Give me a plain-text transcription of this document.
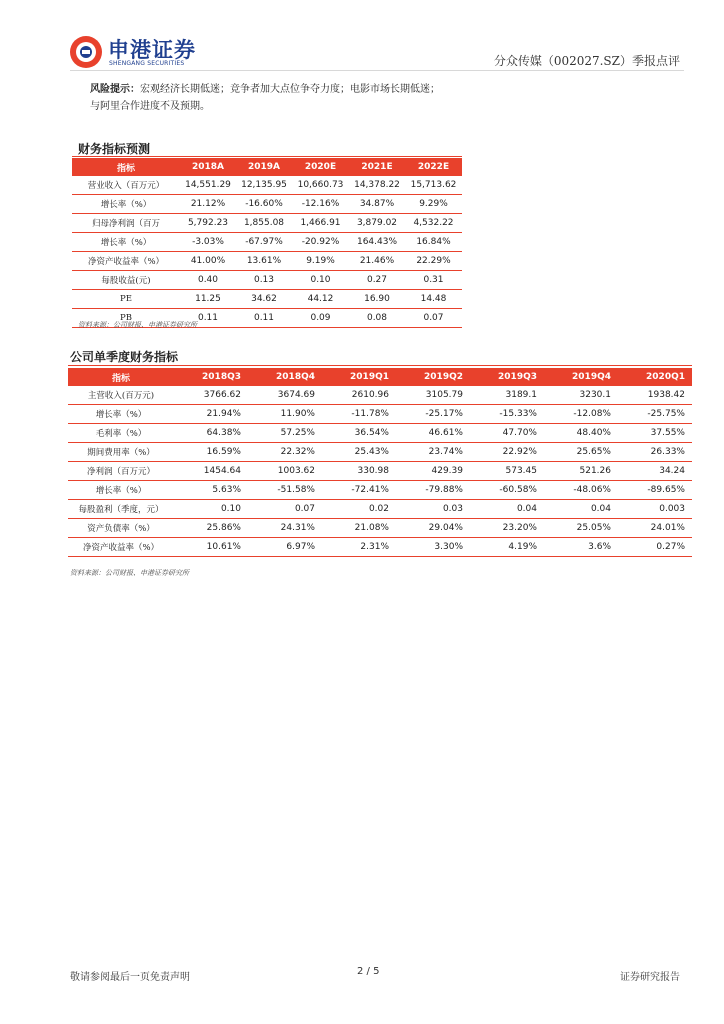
申港证券
SHENGANG SECURITIES	分众传媒（002027.SZ）季报点评
风险提示：宏观经济长期低迷；竞争者加大点位争夺力度；电影市场长期低迷；
与阿里合作进度不及预期。
财务指标预测
指标	2018A	2019A	2020E	2021E	2022E
营业收入（百万元）	14,551.29	12,135.95	10,660.73	14,378.22	15,713.62
增长率（%）	21.12%	-16.60%	-12.16%	34.87%	9.29%
归母净利润（百万	5,792.23	1,855.08	1,466.91	3,879.02	4,532.22
增长率（%）	-3.03%	-67.97%	-20.92%	164.43%	16.84%
净资产收益率（%）	41.00%	13.61%	9.19%	21.46%	22.29%
每股收益(元)	0.40	0.13	0.10	0.27	0.31
PE	11.25	34.62	44.12	16.90	14.48
PB	0.11	0.11	0.09	0.08	0.07
资料来源：公司财报、申港证券研究所
公司单季度财务指标
指标	2018Q3	2018Q4	2019Q1	2019Q2	2019Q3	2019Q4	2020Q1
主营收入(百万元)	3766.62	3674.69	2610.96	3105.79	3189.1	3230.1	1938.42
增长率（%）	21.94%	11.90%	-11.78%	-25.17%	-15.33%	-12.08%	-25.75%
毛利率（%）	64.38%	57.25%	36.54%	46.61%	47.70%	48.40%	37.55%
期间费用率（%）	16.59%	22.32%	25.43%	23.74%	22.92%	25.65%	26.33%
净利润（百万元）	1454.64	1003.62	330.98	429.39	573.45	521.26	34.24
增长率（%）	5.63%	-51.58%	-72.41%	-79.88%	-60.58%	-48.06%	-89.65%
每股盈利（季度，元）	0.10	0.07	0.02	0.03	0.04	0.04	0.003
资产负债率（%）	25.86%	24.31%	21.08%	29.04%	23.20%	25.05%	24.01%
净资产收益率（%）	10.61%	6.97%	2.31%	3.30%	4.19%	3.6%	0.27%
资料来源：公司财报、申港证券研究所
敬请参阅最后一页免责声明
2 / 5
证券研究报告
